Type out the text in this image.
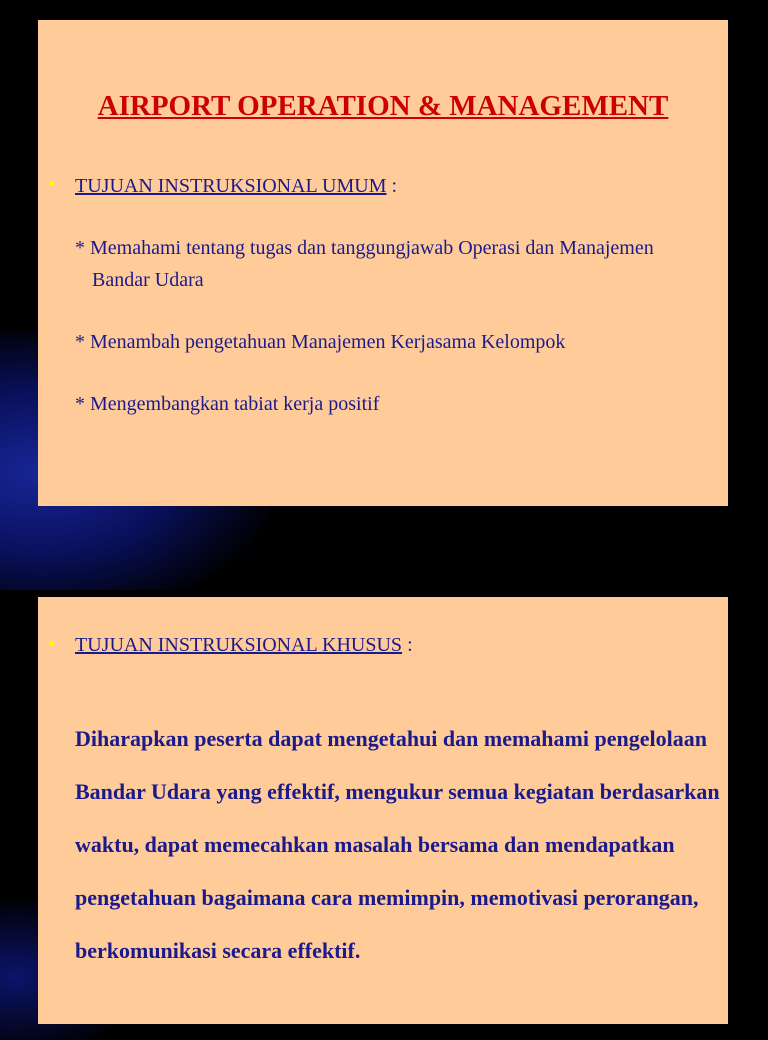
AIRPORT OPERATION & MANAGEMENT
• TUJUAN INSTRUKSIONAL UMUM :
* Memahami tentang tugas dan tanggungjawab Operasi dan Manajemen Bandar Udara
* Menambah pengetahuan Manajemen Kerjasama Kelompok
* Mengembangkan tabiat kerja positif
• TUJUAN INSTRUKSIONAL KHUSUS :
Diharapkan peserta dapat mengetahui dan memahami pengelolaan Bandar Udara yang effektif, mengukur semua kegiatan berdasarkan waktu, dapat memecahkan masalah bersama dan mendapatkan pengetahuan bagaimana cara memimpin, memotivasi perorangan, berkomunikasi secara effektif.
